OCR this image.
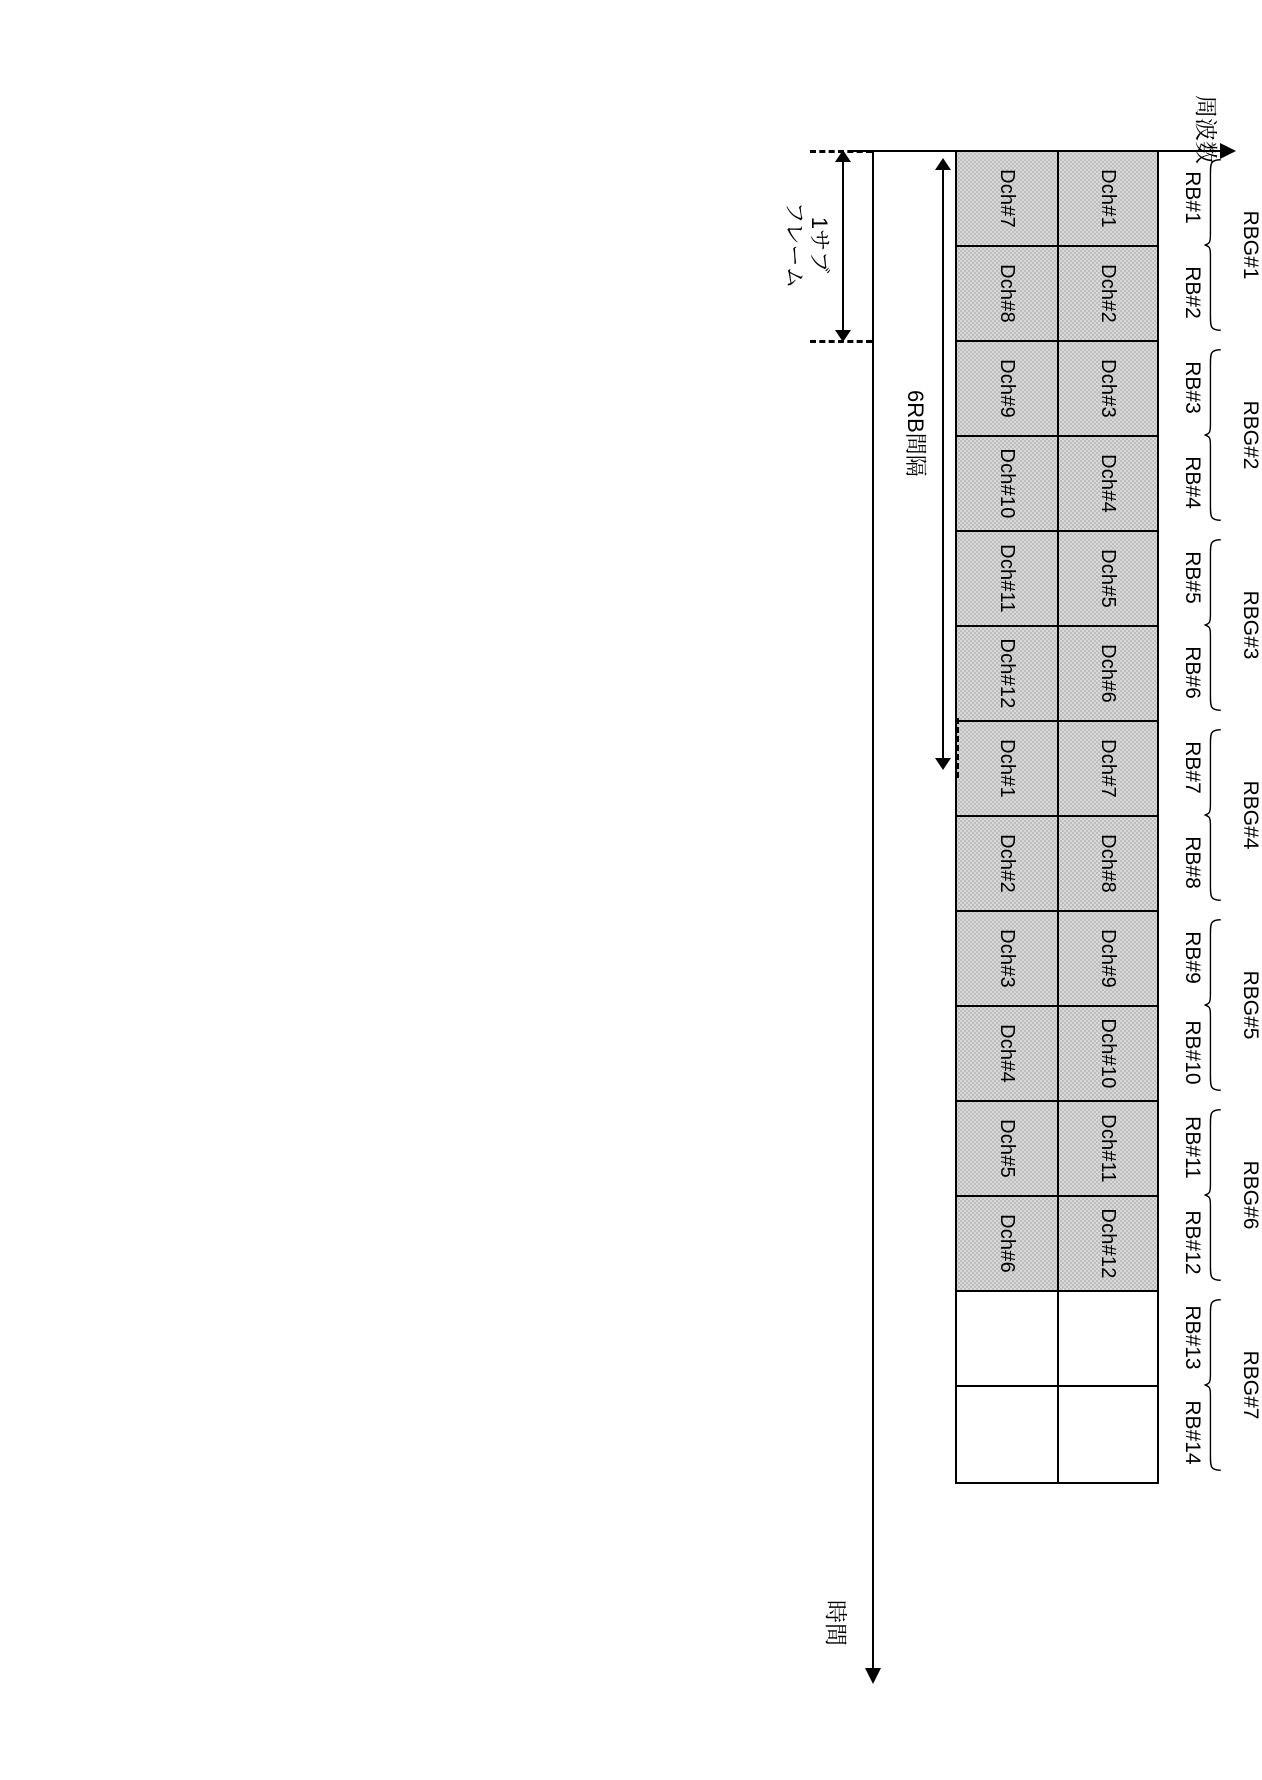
周波数
時間
RBG#1
RBG#2
RBG#3
RBG#4
RBG#5
RBG#6
RBG#7
RB#1
RB#2
RB#3
RB#4
RB#5
RB#6
RB#7
RB#8
RB#9
RB#10
RB#11
RB#12
RB#13
RB#14
Dch#1
Dch#2
Dch#3
Dch#4
Dch#5
Dch#6
Dch#7
Dch#8
Dch#9
Dch#10
Dch#11
Dch#12
Dch#7
Dch#8
Dch#9
Dch#10
Dch#11
Dch#12
Dch#1
Dch#2
Dch#3
Dch#4
Dch#5
Dch#6
1サブ
フレーム
6RB間隔
